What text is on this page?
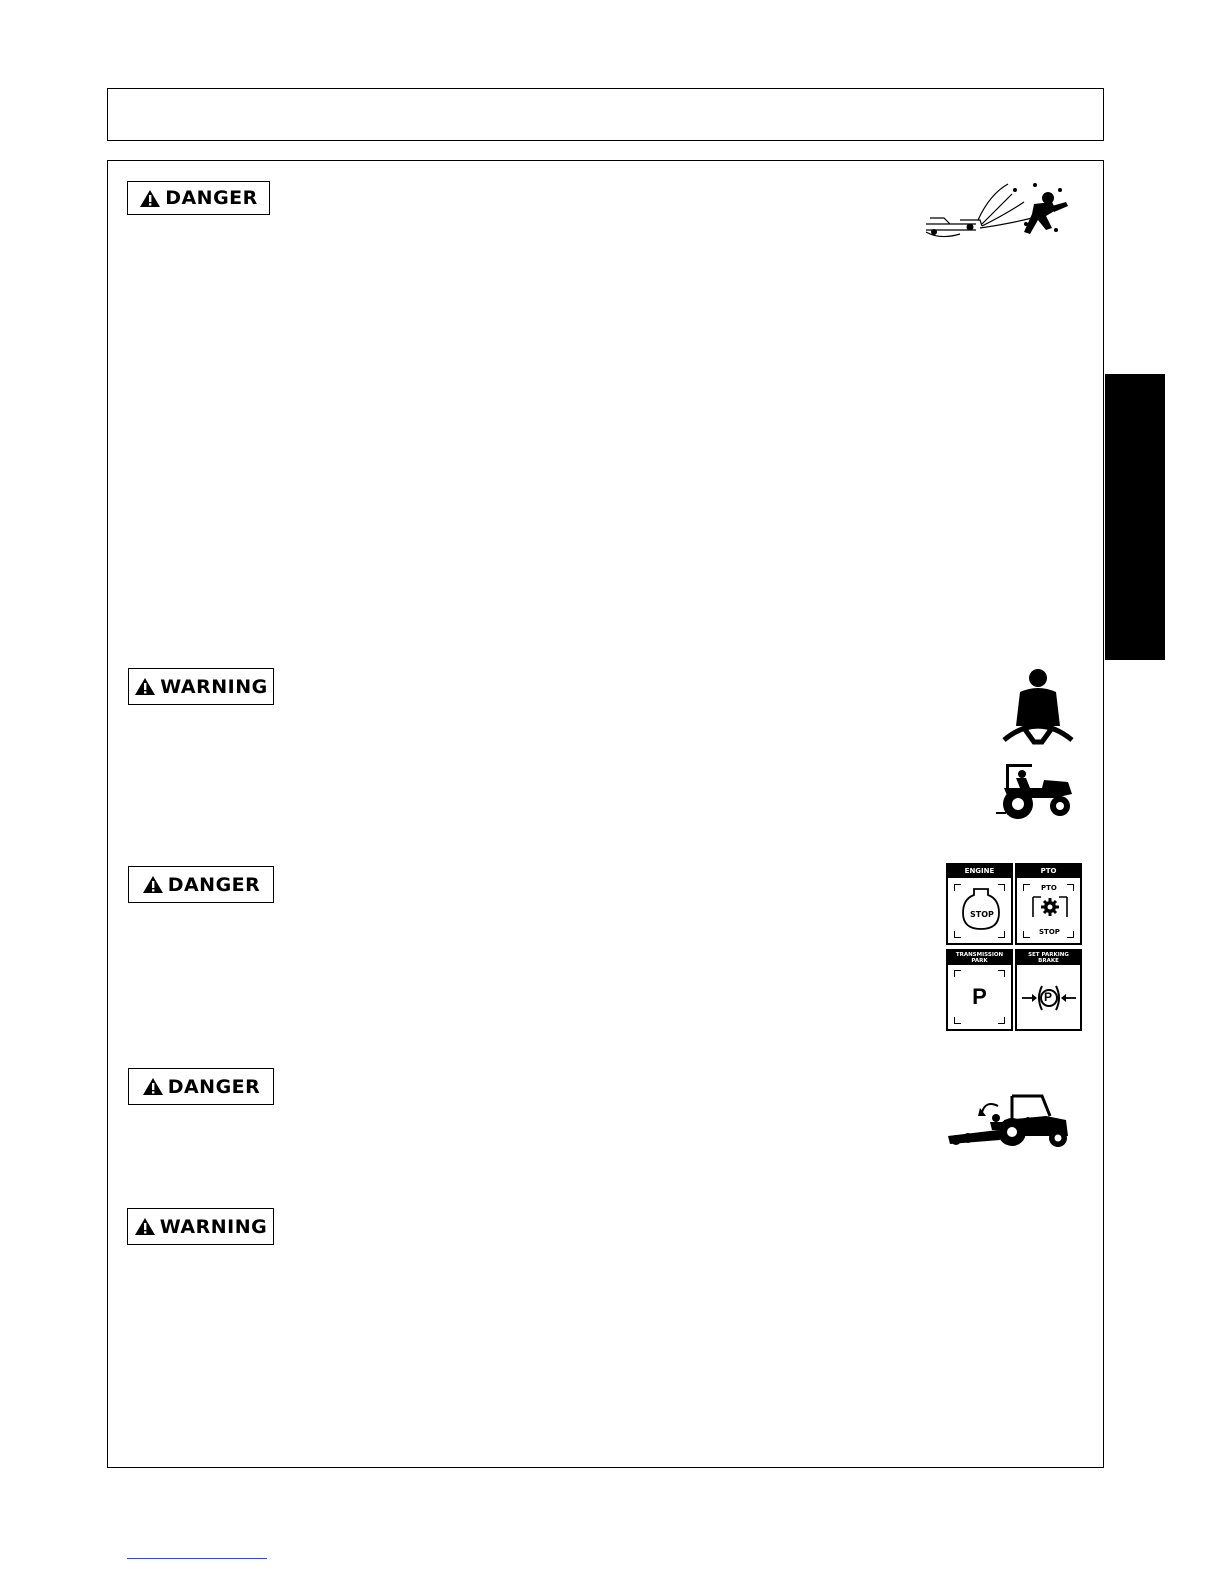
DANGER
WARNING
DANGER
ENGINE
STOP
PTO
PTO
STOP
TRANSMISSION
PARK
P
SET PARKING
BRAKE
P
DANGER
WARNING
